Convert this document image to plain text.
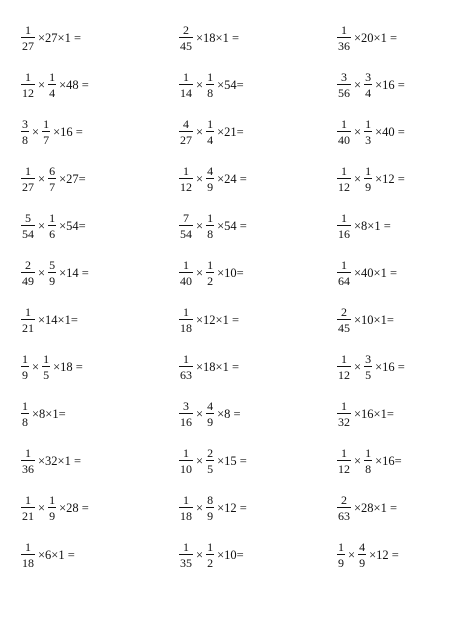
$\frac{1}{27} \times 27\times 1$ =	$\frac{2}{45} \times 18\times 1$ =	$\frac{1}{36} \times 20\times 1$ =
$\frac{1}{12} \times \frac{1}{4} \times 48$ =	$\frac{1}{14} \times \frac{1}{8} \times 54=$	$\frac{3}{56} \times \frac{3}{4} \times 16$ =
$\frac{3}{8} \times \frac{1}{7} \times 16$ =	$\frac{4}{27} \times \frac{1}{4} \times 21=$	$\frac{1}{40} \times \frac{1}{3} \times 40$ =
$\frac{1}{27} \times \frac{6}{7} \times 27=$	$\frac{1}{12} \times \frac{4}{9} \times 24$ =	$\frac{1}{12} \times \frac{1}{9} \times 12$ =
$\frac{5}{54} \times \frac{1}{6} \times 54=$	$\frac{7}{54} \times \frac{1}{8} \times 54$ =	$\frac{1}{16} \times 8\times 1$ =
$\frac{2}{49} \times \frac{5}{9} \times 14$ =	$\frac{1}{40} \times \frac{1}{2} \times 10=$	$\frac{1}{64} \times 40\times 1$ =
$\frac{1}{21} \times 14\times 1=$	$\frac{1}{18} \times 12\times 1$ =	$\frac{2}{45} \times 10\times 1=$
$\frac{1}{9} \times \frac{1}{5} \times 18$ =	$\frac{1}{63} \times 18\times 1$ =	$\frac{1}{12} \times \frac{3}{5} \times 16$ =
$\frac{1}{8} \times 8\times 1=$	$\frac{3}{16} \times \frac{4}{9} \times 8$ =	$\frac{1}{32} \times 16\times 1=$
$\frac{1}{36} \times 32\times 1$ =	$\frac{1}{10} \times \frac{2}{5} \times 15$ =	$\frac{1}{12} \times \frac{1}{8} \times 16=$
$\frac{1}{21} \times \frac{1}{9} \times 28$ =	$\frac{1}{18} \times \frac{8}{9} \times 12$ =	$\frac{2}{63} \times 28\times 1$ =
$\frac{1}{18} \times 6\times 1$ =	$\frac{1}{35} \times \frac{1}{2} \times 10=$	$\frac{1}{9} \times \frac{4}{9} \times 12$ =
